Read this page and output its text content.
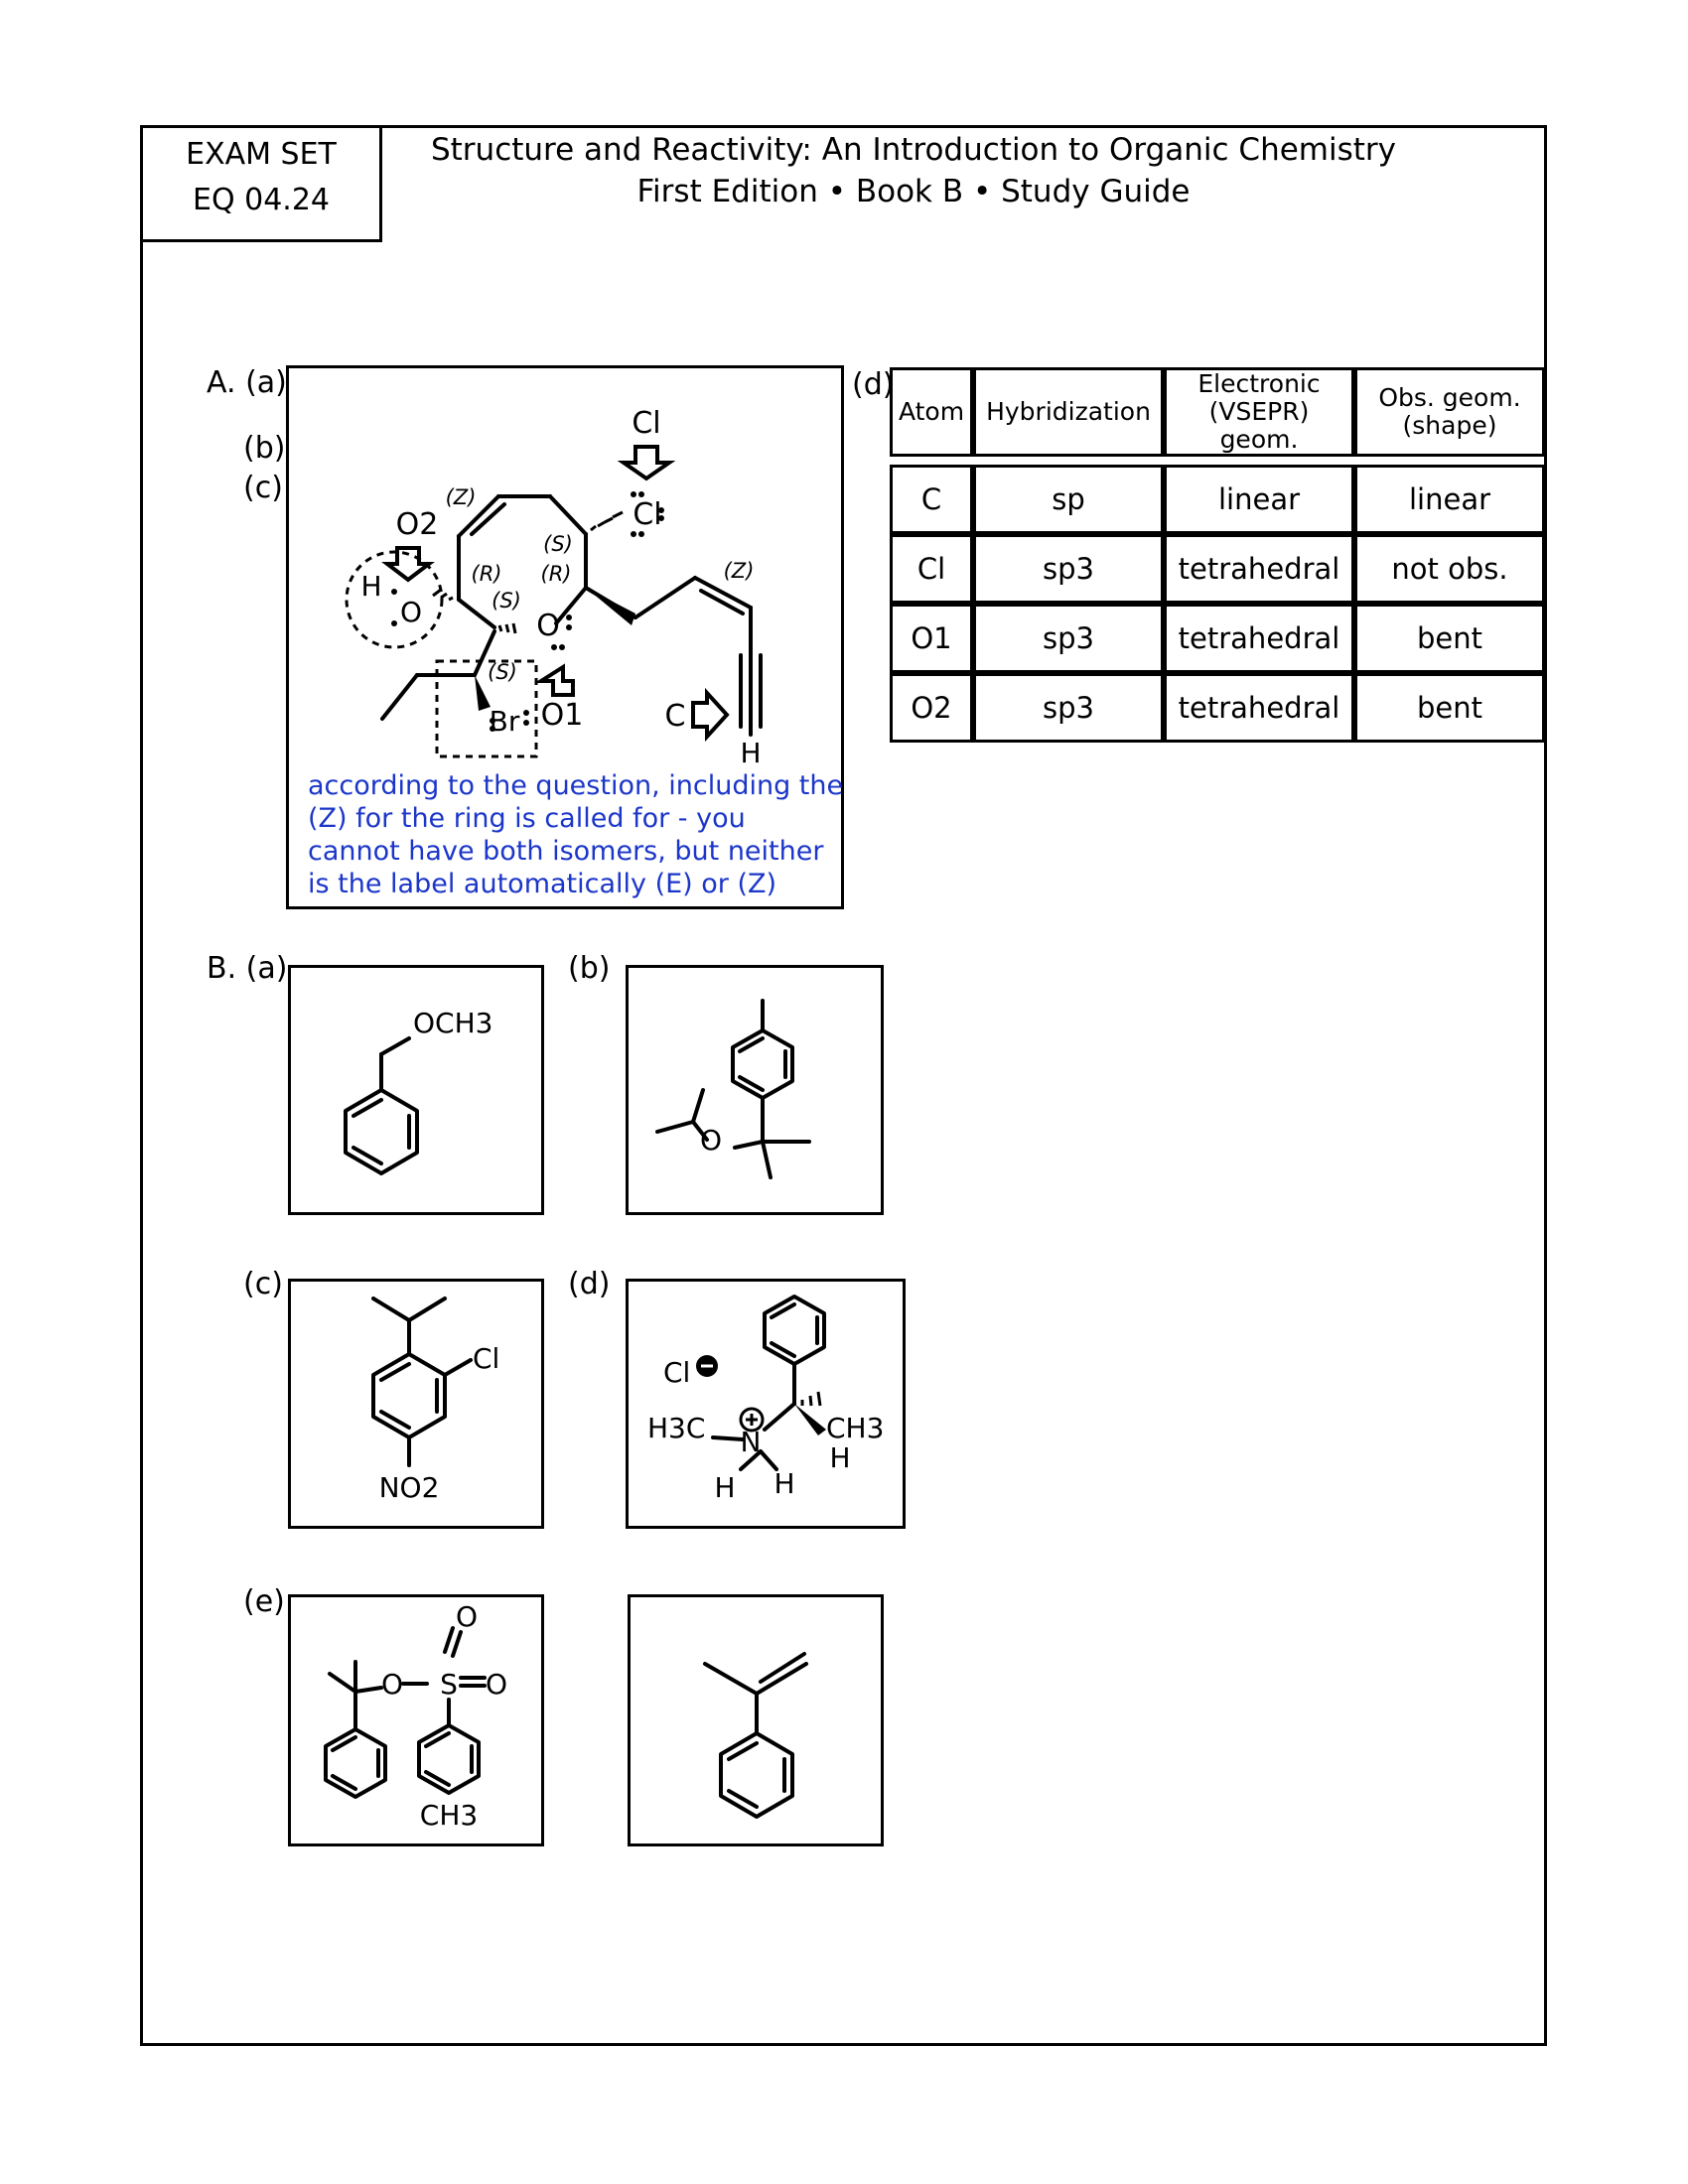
EXAM SET
EQ 04.24
Structure and Reactivity: An Introduction to Organic Chemistry
First Edition • Book B • Study Guide
A. (a)
(b)
(c)
(d)
Cl
Cl
O2
H
O	O
Br O1	C
H
(Z)
(S)
(R) (R)
(S)
(Z)
(S)
according to the question, including the (Z) for the ring is called for - you cannot have both isomers, but neither is the label automatically (E) or (Z)
Atom	Hybridization	Electronic (VSEPR) geom.	Obs. geom. (shape)

C	sp	linear	linear
Cl	sp3	tetrahedral	not obs.
O1	sp3	tetrahedral	bent
O2	sp3	tetrahedral	bent
B. (a)	(b)
(c)	(d)
(e)
OCH3
O
Cl
NO2
Cl
H3C N CH3
H
H H
O S
O
O
CH3
